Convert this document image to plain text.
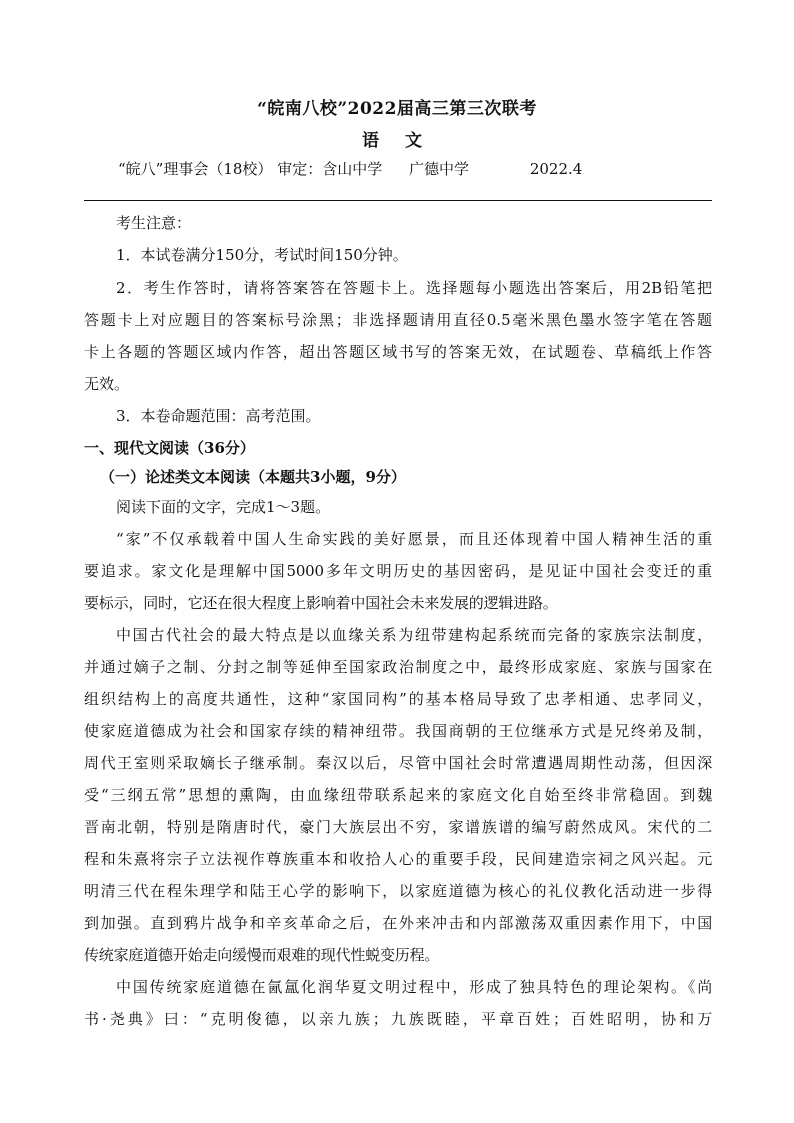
“皖南八校”2022届高三第三次联考
语 文
“皖八”理事会（18校） 审定：含山中学 广德中学	2022.4
考生注意：
1．本试卷满分150分，考试时间150分钟。
2．考生作答时，请将答案答在答题卡上。选择题每小题选出答案后，用2B铅笔把
答题卡上对应题目的答案标号涂黑；非选择题请用直径0.5毫米黑色墨水签字笔在答题
卡上各题的答题区域内作答，超出答题区域书写的答案无效，在试题卷、草稿纸上作答
无效。
3．本卷命题范围：高考范围。
一、现代文阅读（36分）
（一）论述类文本阅读（本题共3小题，9分）
阅读下面的文字，完成1～3题。
“家”不仅承载着中国人生命实践的美好愿景，而且还体现着中国人精神生活的重
要追求。家文化是理解中国5000多年文明历史的基因密码，是见证中国社会变迁的重
要标示，同时，它还在很大程度上影响着中国社会未来发展的逻辑进路。
中国古代社会的最大特点是以血缘关系为纽带建构起系统而完备的家族宗法制度，
并通过嫡子之制、分封之制等延伸至国家政治制度之中，最终形成家庭、家族与国家在
组织结构上的高度共通性，这种“家国同构”的基本格局导致了忠孝相通、忠孝同义，
使家庭道德成为社会和国家存续的精神纽带。我国商朝的王位继承方式是兄终弟及制，
周代王室则采取嫡长子继承制。秦汉以后，尽管中国社会时常遭遇周期性动荡，但因深
受“三纲五常”思想的熏陶，由血缘纽带联系起来的家庭文化自始至终非常稳固。到魏
晋南北朝，特别是隋唐时代，豪门大族层出不穷，家谱族谱的编写蔚然成风。宋代的二
程和朱熹将宗子立法视作尊族重本和收拾人心的重要手段，民间建造宗祠之风兴起。元
明清三代在程朱理学和陆王心学的影响下，以家庭道德为核心的礼仪教化活动进一步得
到加强。直到鸦片战争和辛亥革命之后，在外来冲击和内部激荡双重因素作用下，中国
传统家庭道德开始走向缓慢而艰难的现代性蜕变历程。
中国传统家庭道德在氤氲化润华夏文明过程中，形成了独具特色的理论架构。《尚
书·尧典》曰：“克明俊德，以亲九族；九族既睦，平章百姓；百姓昭明，协和万
